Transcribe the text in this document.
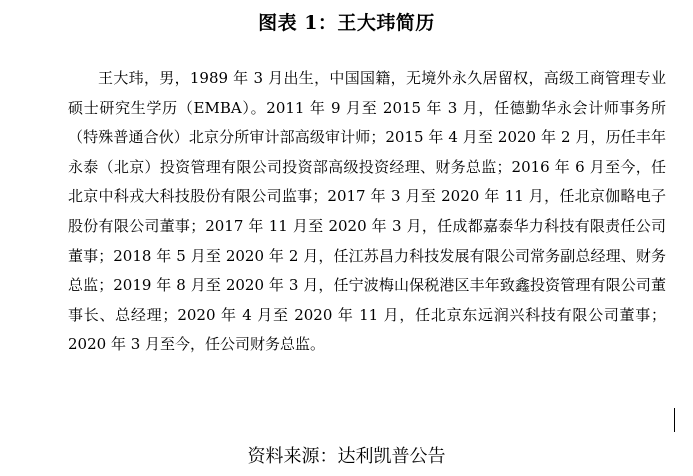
图表 1：王大玮简历

王大玮，男，1989 年 3 月出生，中国国籍，无境外永久居留权，高级工商管理专业硕士研究生学历（EMBA）。2011 年 9 月至 2015 年 3 月，任德勤华永会计师事务所（特殊普通合伙）北京分所审计部高级审计师；2015 年 4 月至 2020 年 2 月，历任丰年永泰（北京）投资管理有限公司投资部高级投资经理、财务总监；2016 年 6 月至今，任北京中科戎大科技股份有限公司监事；2017 年 3 月至 2020 年 11 月，任北京伽略电子股份有限公司董事；2017 年 11 月至 2020 年 3 月，任成都嘉泰华力科技有限责任公司董事；2018 年 5 月至 2020 年 2 月，任江苏昌力科技发展有限公司常务副总经理、财务总监；2019 年 8 月至 2020 年 3 月，任宁波梅山保税港区丰年致鑫投资管理有限公司董事长、总经理；2020 年 4 月至 2020 年 11 月，任北京东远润兴科技有限公司董事；2020 年 3 月至今，任公司财务总监。

资料来源：达利凯普公告
